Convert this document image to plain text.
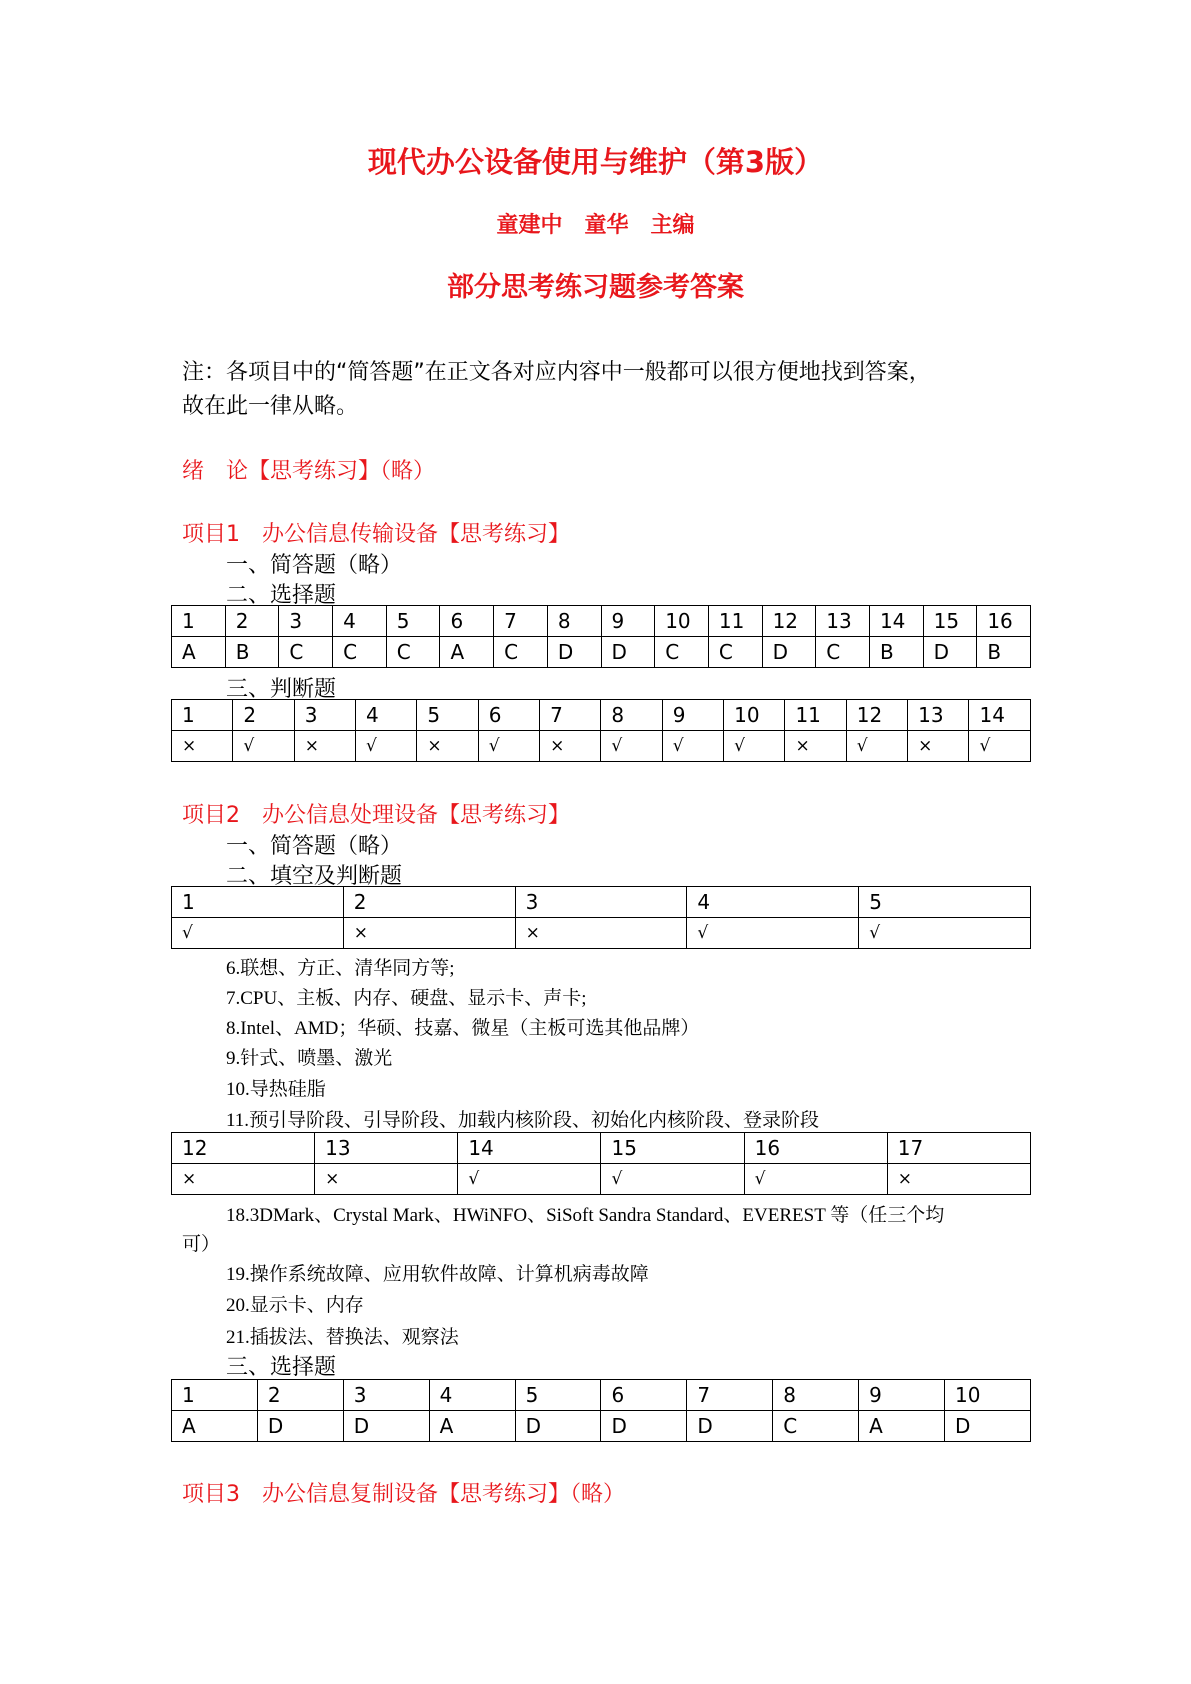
现代办公设备使用与维护（第3版）
童建中　童华　主编
部分思考练习题参考答案
注：各项目中的“简答题”在正文各对应内容中一般都可以很方便地找到答案，
故在此一律从略。
绪　论【思考练习】（略）
项目1　办公信息传输设备【思考练习】
一、简答题（略）
二、选择题
1	2	3	4	5	6	7	8	9	10	11	12	13	14	15	16
A	B	C	C	C	A	C	D	D	C	C	D	C	B	D	B
三、判断题
1	2	3	4	5	6	7	8	9	10	11	12	13	14
×	√	×	√	×	√	×	√	√	√	×	√	×	√
项目2　办公信息处理设备【思考练习】
一、简答题（略）
二、填空及判断题
1	2	3	4	5
√	×	×	√	√
6.联想、方正、清华同方等;
7.CPU、主板、内存、硬盘、显示卡、声卡;
8.Intel、AMD；华硕、技嘉、微星（主板可选其他品牌）
9.针式、喷墨、激光
10.导热硅脂
11.预引导阶段、引导阶段、加载内核阶段、初始化内核阶段、登录阶段
12	13	14	15	16	17
×	×	√	√	√	×
18.3DMark、Crystal Mark、HWiNFO、SiSoft Sandra Standard、EVEREST 等（任三个均
可）
19.操作系统故障、应用软件故障、计算机病毒故障
20.显示卡、内存
21.插拔法、替换法、观察法
三、选择题
1	2	3	4	5	6	7	8	9	10
A	D	D	A	D	D	D	C	A	D
项目3　办公信息复制设备【思考练习】（略）
